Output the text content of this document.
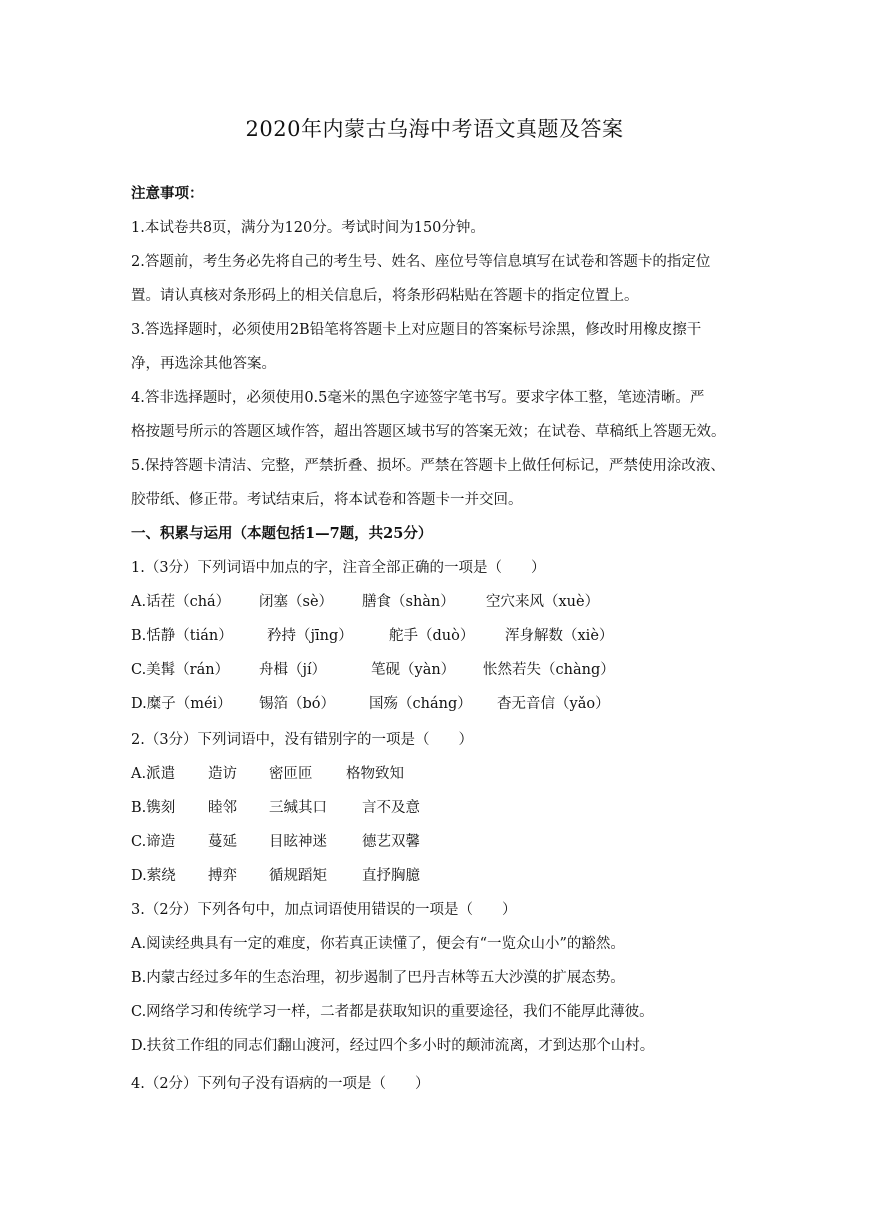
2020年内蒙古乌海中考语文真题及答案
注意事项：
1.本试卷共8页，满分为120分。考试时间为150分钟。
2.答题前，考生务必先将自己的考生号、姓名、座位号等信息填写在试卷和答题卡的指定位
置。请认真核对条形码上的相关信息后，将条形码粘贴在答题卡的指定位置上。
3.答选择题时，必须使用2B铅笔将答题卡上对应题目的答案标号涂黑，修改时用橡皮擦干
净，再选涂其他答案。
4.答非选择题时，必须使用0.5毫米的黑色字迹签字笔书写。要求字体工整，笔迹清晰。严
格按题号所示的答题区域作答，超出答题区域书写的答案无效；在试卷、草稿纸上答题无效。
5.保持答题卡清洁、完整，严禁折叠、损坏。严禁在答题卡上做任何标记，严禁使用涂改液、
胶带纸、修正带。考试结束后，将本试卷和答题卡一并交回。
一、积累与运用（本题包括1—7题，共25分）
1.（3分）下列词语中加点的字，注音全部正确的一项是（　　）
A.话茬（chá） 闭塞（sè） 膳食（shàn） 空穴来风（xuè）
B.恬静（tián） 矜持（jīng） 舵手（duò） 浑身解数（xiè）
C.美髯（rán） 舟楫（jí）	笔砚（yàn） 怅然若失（chàng）
D.糜子（méi） 锡箔（bó） 国殇（cháng） 杳无音信（yǎo）
2.（3分）下列词语中，没有错别字的一项是（　　）
A.派遣 造访 密匝匝 格物致知
B.镌刻 睦邻 三缄其口 言不及意
C.谛造 蔓延 目眩神迷 德艺双馨
D.萦绕 搏弈 循规蹈矩 直抒胸臆
3.（2分）下列各句中，加点词语使用错误的一项是（　　）
A.阅读经典具有一定的难度，你若真正读懂了，便会有“一览众山小”的豁然。
B.内蒙古经过多年的生态治理，初步遏制了巴丹吉林等五大沙漠的扩展态势。
C.网络学习和传统学习一样，二者都是获取知识的重要途径，我们不能厚此薄彼。
D.扶贫工作组的同志们翻山渡河，经过四个多小时的颠沛流离，才到达那个山村。
4.（2分）下列句子没有语病的一项是（　　）
